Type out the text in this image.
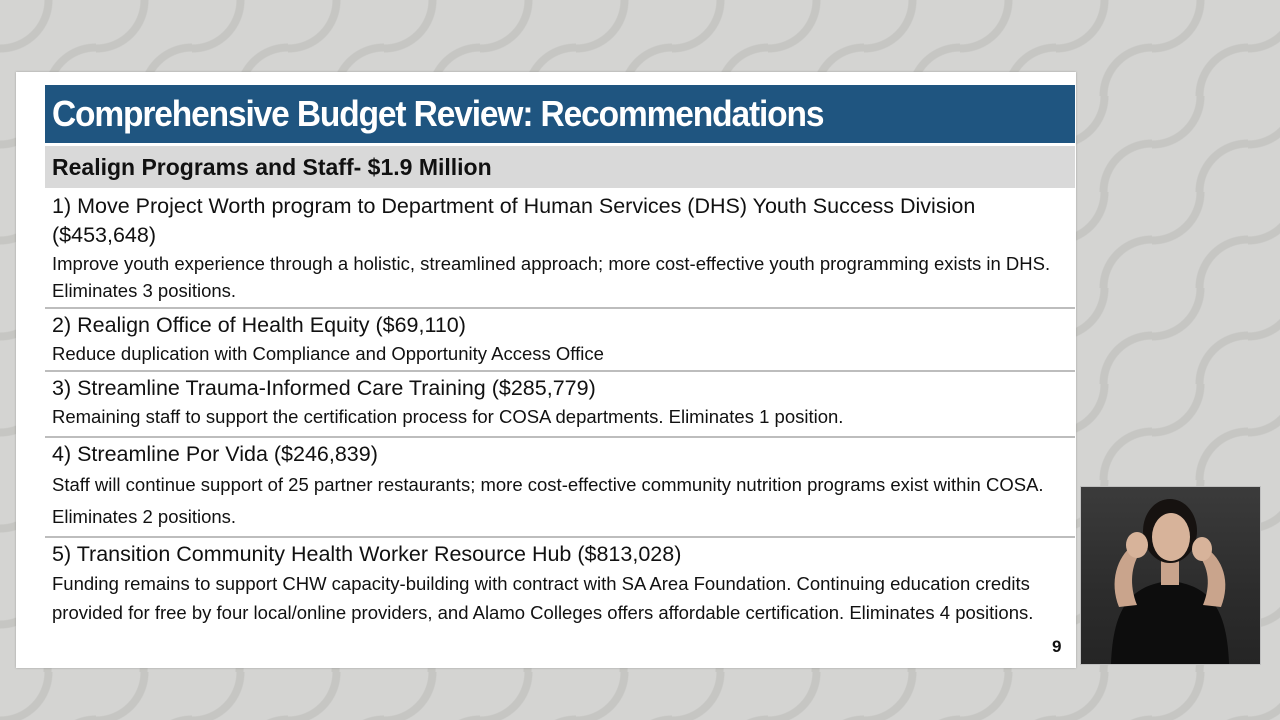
Comprehensive Budget Review: Recommendations
Realign Programs and Staff- $1.9 Million

1) Move Project Worth program to Department of Human Services (DHS) Youth Success Division ($453,648)

Improve youth experience through a holistic, streamlined approach; more cost-effective youth programming exists in DHS. Eliminates 3 positions.

2) Realign Office of Health Equity ($69,110)

Reduce duplication with Compliance and Opportunity Access Office

3) Streamline Trauma-Informed Care Training ($285,779)

Remaining staff to support the certification process for COSA departments. Eliminates 1 position.

4) Streamline Por Vida ($246,839)

Staff will continue support of 25 partner restaurants; more cost-effective community nutrition programs exist within COSA. Eliminates 2 positions.

5) Transition Community Health Worker Resource Hub ($813,028)

Funding remains to support CHW capacity-building with contract with SA Area Foundation. Continuing education credits provided for free by four local/online providers, and Alamo Colleges offers affordable certification. Eliminates 4 positions.

9
